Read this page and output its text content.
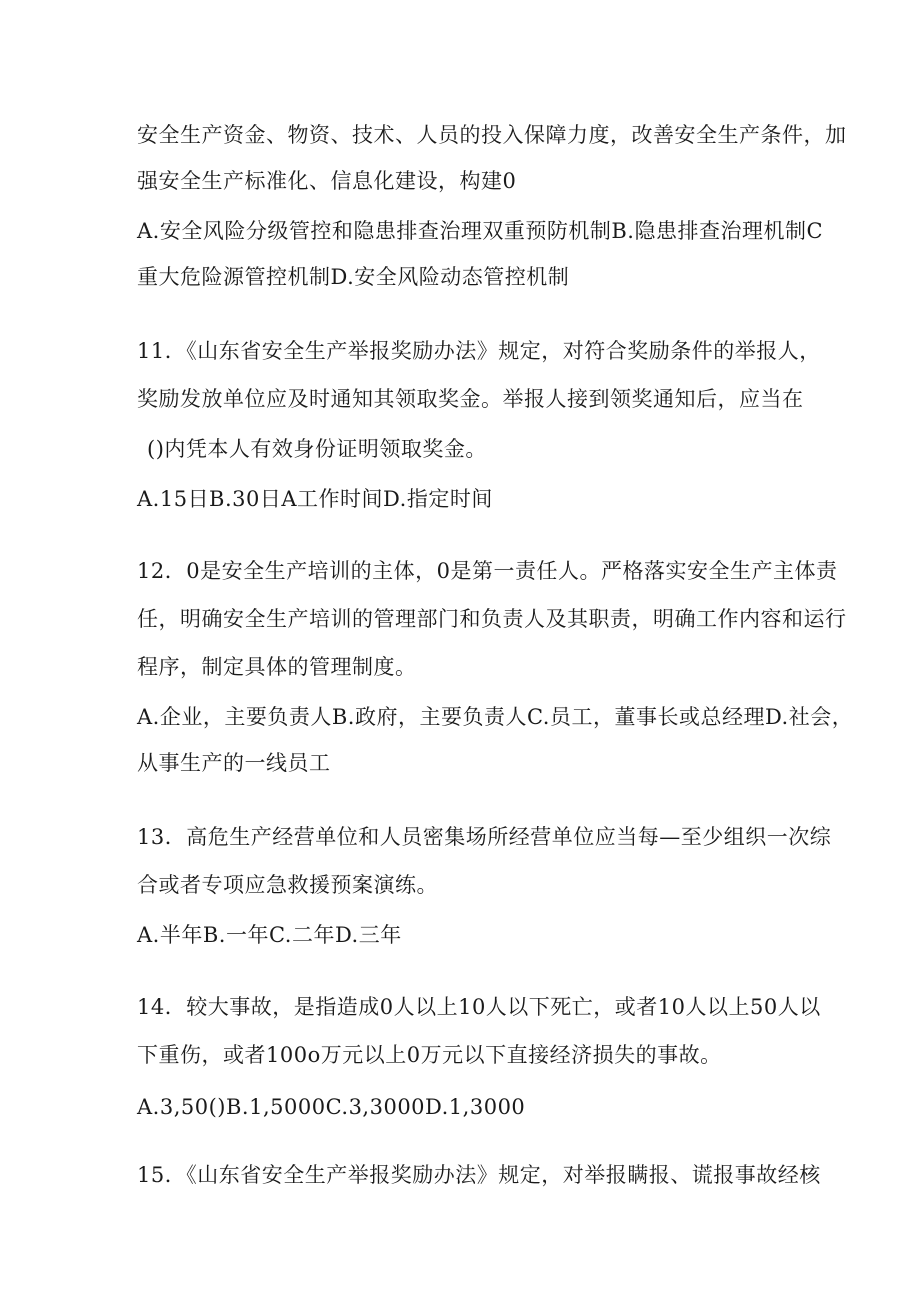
安全生产资金、物资、技术、人员的投入保障力度，改善安全生产条件，加
强安全生产标准化、信息化建设，构建0
A.安全风险分级管控和隐患排查治理双重预防机制B.隐患排查治理机制C
重大危险源管控机制D.安全风险动态管控机制
11．《山东省安全生产举报奖励办法》规定，对符合奖励条件的举报人，
奖励发放单位应及时通知其领取奖金。举报人接到领奖通知后，应当在
()内凭本人有效身份证明领取奖金。
A.15日B.30日A工作时间D.指定时间
12．0是安全生产培训的主体，0是第一责任人。严格落实安全生产主体责
任，明确安全生产培训的管理部门和负责人及其职责，明确工作内容和运行
程序，制定具体的管理制度。
A.企业，主要负责人B.政府，主要负责人C.员工，董事长或总经理D.社会，
从事生产的一线员工
13．高危生产经营单位和人员密集场所经营单位应当每—至少组织一次综
合或者专项应急救援预案演练。
A.半年B.一年C.二年D.三年
14．较大事故，是指造成0人以上10人以下死亡，或者10人以上50人以
下重伤，或者100o万元以上0万元以下直接经济损失的事故。
A.3,50()B.1,5000C.3,3000D.1,3000
15．《山东省安全生产举报奖励办法》规定，对举报瞒报、谎报事故经核
